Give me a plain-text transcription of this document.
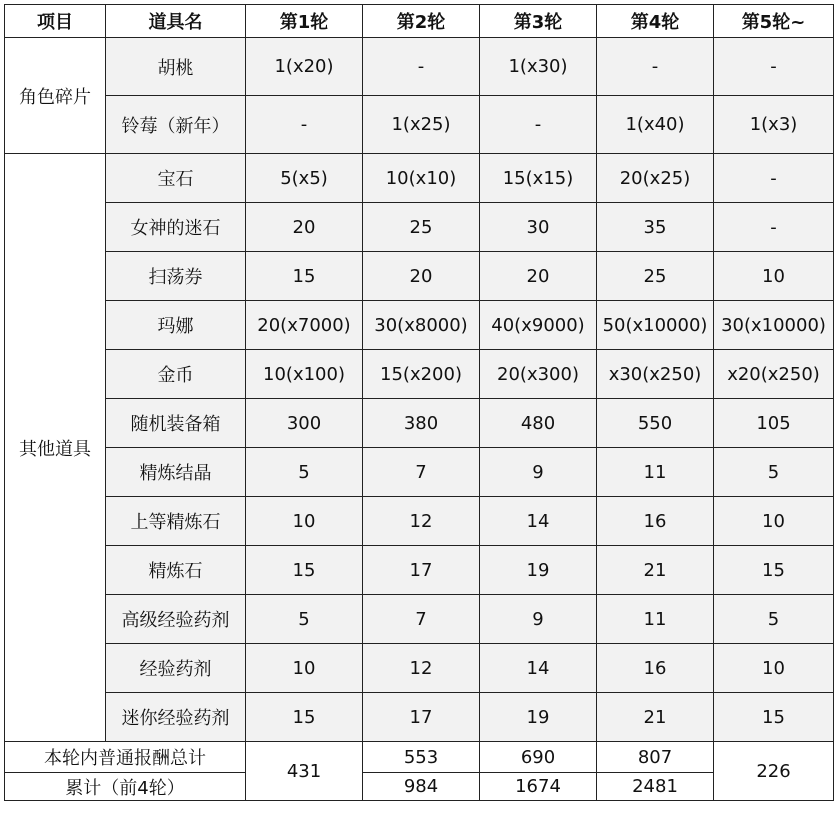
项目	道具名	第1轮	第2轮	第3轮	第4轮	第5轮~
角色碎片	胡桃	1(x20)	-	1(x30)	-	-
	铃莓（新年）	-	1(x25)	-	1(x40)	1(x3)
其他道具	宝石	5(x5)	10(x10)	15(x15)	20(x25)	-
	女神的迷石	20	25	30	35	-
	扫荡券	15	20	20	25	10
	玛娜	20(x7000)	30(x8000)	40(x9000)	50(x10000)	30(x10000)
	金币	10(x100)	15(x200)	20(x300)	x30(x250)	x20(x250)
	随机装备箱	300	380	480	550	105
	精炼结晶	5	7	9	11	5
	上等精炼石	10	12	14	16	10
	精炼石	15	17	19	21	15
	高级经验药剂	5	7	9	11	5
	经验药剂	10	12	14	16	10
	迷你经验药剂	15	17	19	21	15
本轮内普通报酬总计		431	553	690	807	226
累计（前4轮）			984	1674	2481	
